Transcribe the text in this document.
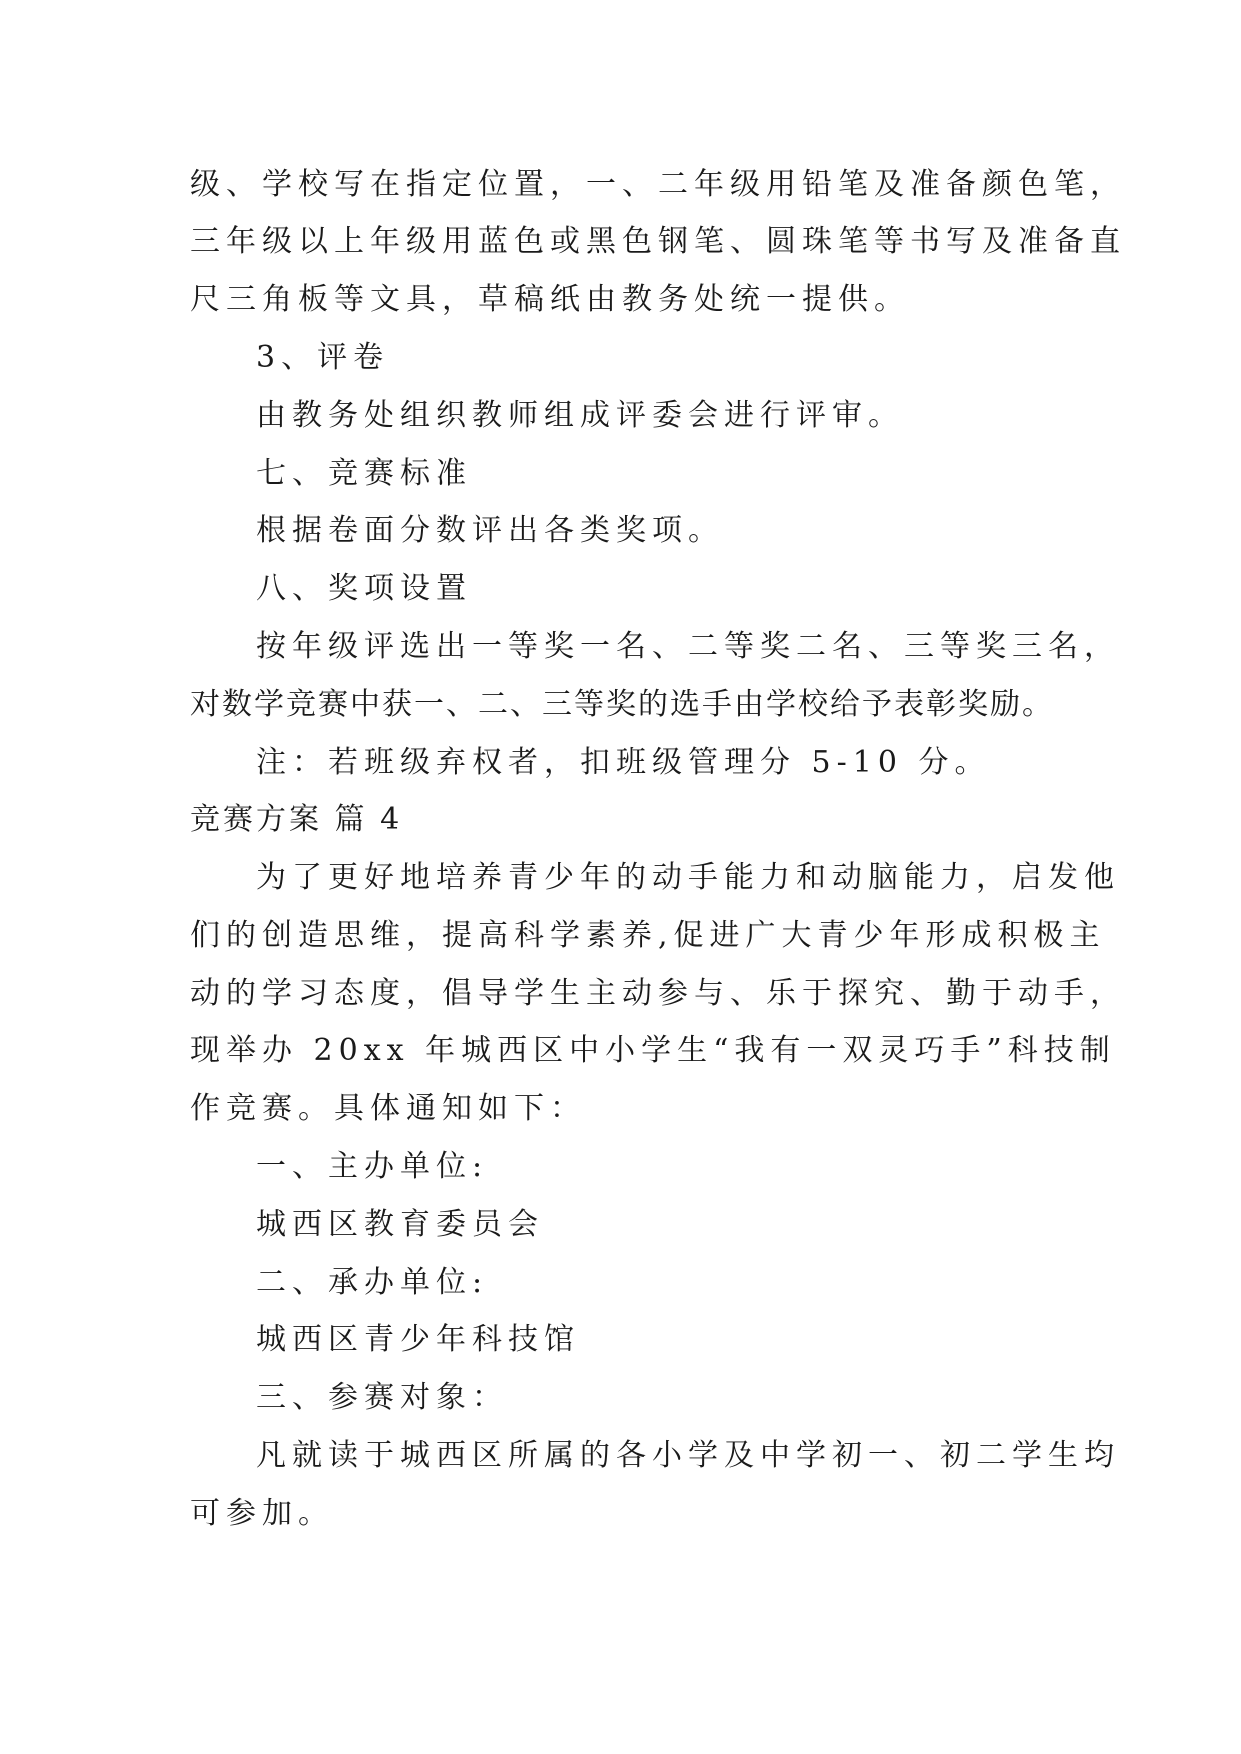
级、学校写在指定位置，一、二年级用铅笔及准备颜色笔，
三年级以上年级用蓝色或黑色钢笔、圆珠笔等书写及准备直
尺三角板等文具，草稿纸由教务处统一提供。
3、评卷
由教务处组织教师组成评委会进行评审。
七、竞赛标准
根据卷面分数评出各类奖项。
八、奖项设置
按年级评选出一等奖一名、二等奖二名、三等奖三名，
对数学竞赛中获一、二、三等奖的选手由学校给予表彰奖励。
注：若班级弃权者，扣班级管理分 5-10 分。
竞赛方案 篇 4
为了更好地培养青少年的动手能力和动脑能力，启发他
们的创造思维，提高科学素养,促进广大青少年形成积极主
动的学习态度，倡导学生主动参与、乐于探究、勤于动手，
现举办 20xx 年城西区中小学生“我有一双灵巧手”科技制
作竞赛。具体通知如下：
一、主办单位:
城西区教育委员会
二、承办单位:
城西区青少年科技馆
三、参赛对象：
凡就读于城西区所属的各小学及中学初一、初二学生均
可参加。
